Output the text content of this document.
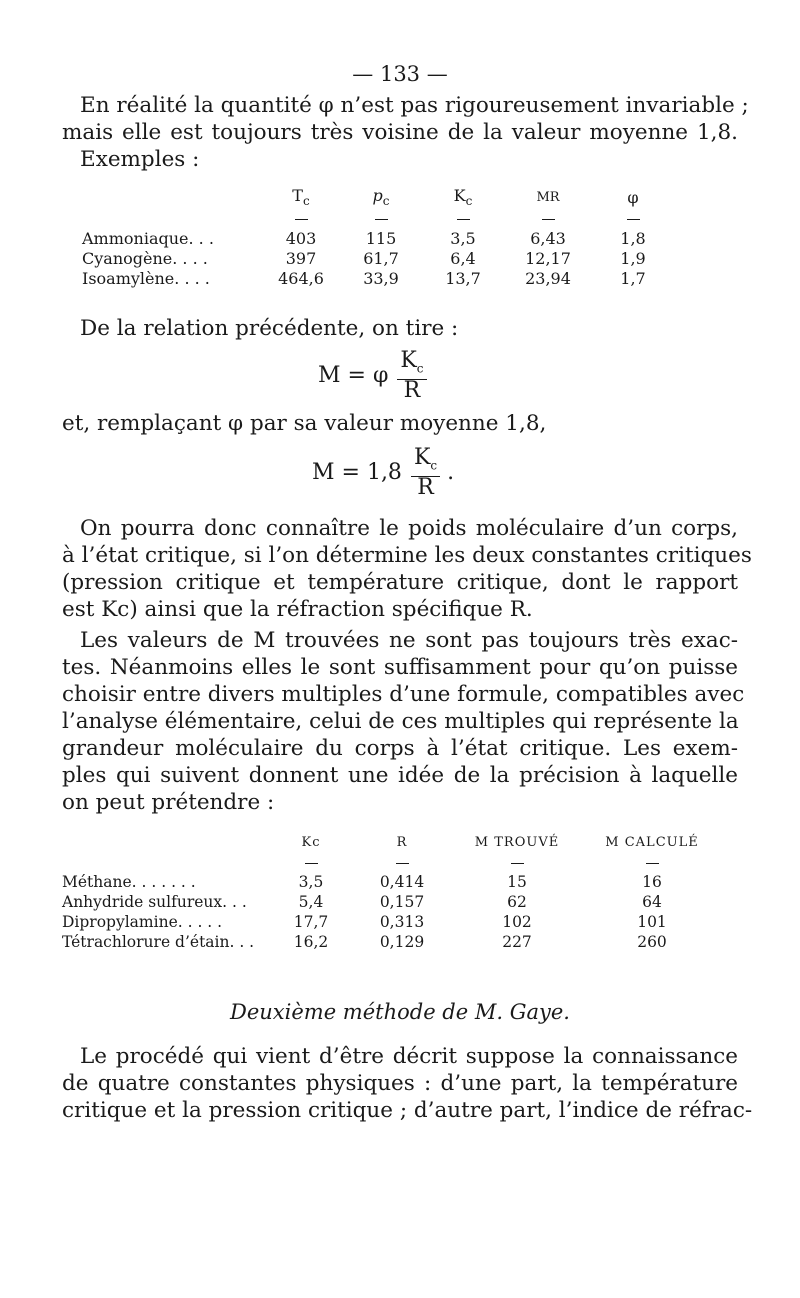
— 133 —
En réalité la quantité φ n’est pas rigoureusement invariable ;
mais elle est toujours très voisine de la valeur moyenne 1,8.
Exemples :
	$T_c$	$p_c$	$K_c$	MR	φ

Ammoniaque. . .	403	115	3,5	6,43	1,8
Cyanogène. . . .	397	61,7	6,4	12,17	1,9
Isoamylène. . . .	464,6	33,9	13,7	23,94	1,7
De la relation précédente, on tire :
M = φ $\frac{K_c}{R}$
et, remplaçant φ par sa valeur moyenne 1,8,
$M = 1,8 \frac{K_c}{R}$ .
On pourra donc connaître le poids moléculaire d’un corps,
à l’état critique, si l’on détermine les deux constantes critiques
(pression critique et température critique, dont le rapport
est Kc) ainsi que la réfraction spécifique R.
Les valeurs de M trouvées ne sont pas toujours très exac-
tes. Néanmoins elles le sont suffisamment pour qu’on puisse
choisir entre divers multiples d’une formule, compatibles avec
l’analyse élémentaire, celui de ces multiples qui représente la
grandeur moléculaire du corps à l’état critique. Les exem-
ples qui suivent donnent une idée de la précision à laquelle
on peut prétendre :
	Kc	R	M TROUVÉ	M CALCULÉ

Méthane. . . . . . .	3,5	0,414	15	16
Anhydride sulfureux. . .	5,4	0,157	62	64
Dipropylamine. . . . .	17,7	0,313	102	101
Tétrachlorure d’étain. . .	16,2	0,129	227	260
Deuxième méthode de M. Gaye.
Le procédé qui vient d’être décrit suppose la connaissance
de quatre constantes physiques : d’une part, la température
critique et la pression critique ; d’autre part, l’indice de réfrac-
